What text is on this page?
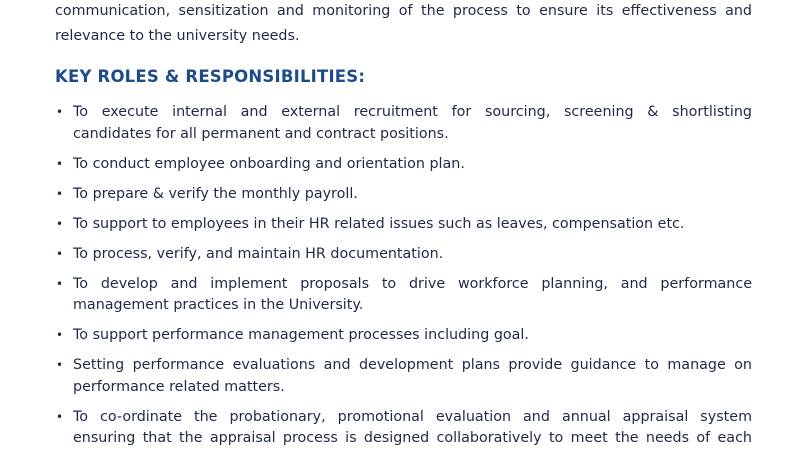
communication, sensitization and monitoring of the process to ensure its effectiveness and
relevance to the university needs.

KEY ROLES & RESPONSIBILITIES:
• To execute internal and external recruitment for sourcing, screening & shortlisting
candidates for all permanent and contract positions.
• To conduct employee onboarding and orientation plan.
• To prepare & verify the monthly payroll.
• To support to employees in their HR related issues such as leaves, compensation etc.
• To process, verify, and maintain HR documentation.
• To develop and implement proposals to drive workforce planning, and performance
management practices in the University.
• To support performance management processes including goal.
• Setting performance evaluations and development plans provide guidance to manage on
performance related matters.
• To co-ordinate the probationary, promotional evaluation and annual appraisal system
ensuring that the appraisal process is designed collaboratively to meet the needs of each
